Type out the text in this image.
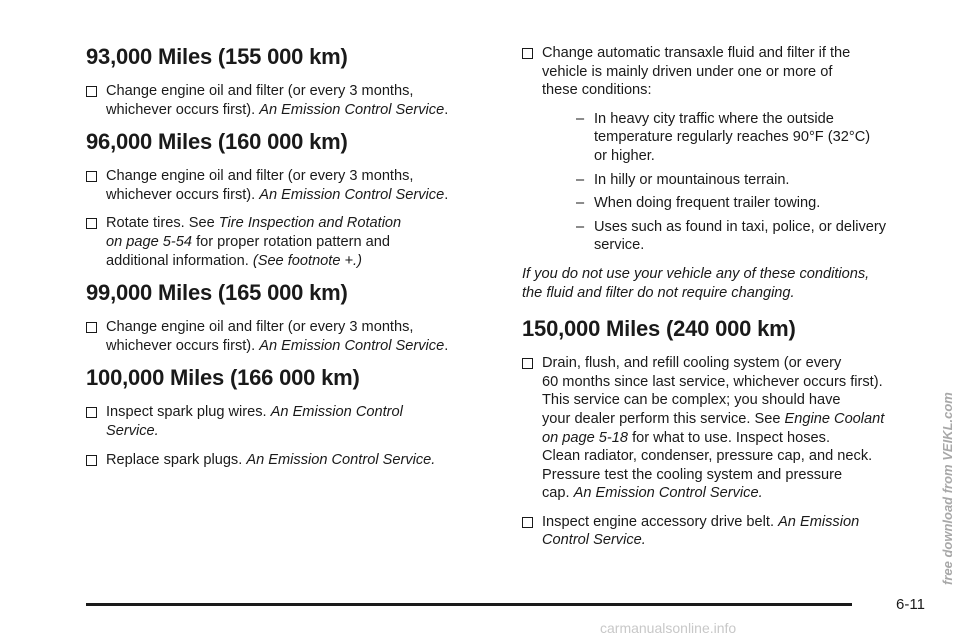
93,000 Miles (155 000 km)
Change engine oil and filter (or every 3 months,
whichever occurs first). An Emission Control Service.
96,000 Miles (160 000 km)
Change engine oil and filter (or every 3 months,
whichever occurs first). An Emission Control Service.
Rotate tires. See Tire Inspection and Rotation
on page 5-54 for proper rotation pattern and
additional information. (See footnote +.)
99,000 Miles (165 000 km)
Change engine oil and filter (or every 3 months,
whichever occurs first). An Emission Control Service.
100,000 Miles (166 000 km)
Inspect spark plug wires. An Emission Control
Service.
Replace spark plugs. An Emission Control Service.
Change automatic transaxle fluid and filter if the
vehicle is mainly driven under one or more of
these conditions:
– In heavy city traffic where the outside
temperature regularly reaches 90°F (32°C)
or higher.
– In hilly or mountainous terrain.
– When doing frequent trailer towing.
– Uses such as found in taxi, police, or delivery
service.
If you do not use your vehicle any of these conditions,
the fluid and filter do not require changing.
150,000 Miles (240 000 km)
Drain, flush, and refill cooling system (or every
60 months since last service, whichever occurs first).
This service can be complex; you should have
your dealer perform this service. See Engine Coolant
on page 5-18 for what to use. Inspect hoses.
Clean radiator, condenser, pressure cap, and neck.
Pressure test the cooling system and pressure
cap. An Emission Control Service.
Inspect engine accessory drive belt. An Emission
Control Service.
6-11
free download from VEIKL.com
carmanualsonline.info
